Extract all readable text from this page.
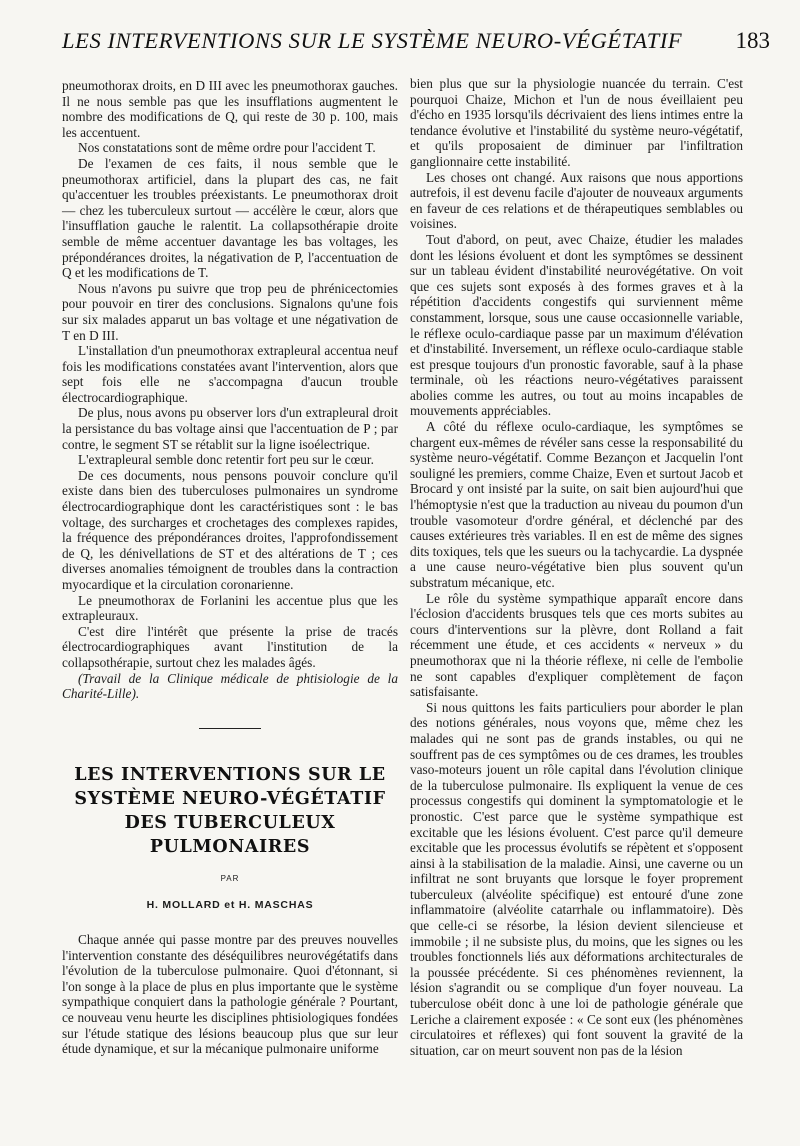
LES INTERVENTIONS SUR LE SYSTÈME NEURO-VÉGÉTATIF 183

pneumothorax droits, en D III avec les pneumothorax gauches. Il ne nous semble pas que les insufflations augmentent le nombre des modifications de Q, qui reste de 30 p. 100, mais les accentuent.

Nos constatations sont de même ordre pour l'accident T.

De l'examen de ces faits, il nous semble que le pneumothorax artificiel, dans la plupart des cas, ne fait qu'accentuer les troubles préexistants. Le pneumothorax droit — chez les tuberculeux surtout — accélère le cœur, alors que l'insufflation gauche le ralentit. La collapsothérapie droite semble de même accentuer davantage les bas voltages, les prépondérances droites, la négativation de P, l'accentuation de Q et les modifications de T.

Nous n'avons pu suivre que trop peu de phrénicectomies pour pouvoir en tirer des conclusions. Signalons qu'une fois sur six malades apparut un bas voltage et une négativation de T en D III.

L'installation d'un pneumothorax extrapleural accentua neuf fois les modifications constatées avant l'intervention, alors que sept fois elle ne s'accompagna d'aucun trouble électrocardiographique.

De plus, nous avons pu observer lors d'un extrapleural droit la persistance du bas voltage ainsi que l'accentuation de P ; par contre, le segment ST se rétablit sur la ligne isoélectrique.

L'extrapleural semble donc retentir fort peu sur le cœur.

De ces documents, nous pensons pouvoir conclure qu'il existe dans bien des tuberculoses pulmonaires un syndrome électrocardiographique dont les caractéristiques sont : le bas voltage, des surcharges et crochetages des complexes rapides, la fréquence des prépondérances droites, l'approfondissement de Q, les dénivellations de ST et des altérations de T ; ces diverses anomalies témoignent de troubles dans la contraction myocardique et la circulation coronarienne.

Le pneumothorax de Forlanini les accentue plus que les extrapleuraux.

C'est dire l'intérêt que présente la prise de tracés électrocardiographiques avant l'institution de la collapsothérapie, surtout chez les malades âgés.

(Travail de la Clinique médicale de phtisiologie de la Charité-Lille).

LES INTERVENTIONS SUR LE SYSTÈME NEURO-VÉGÉTATIF DES TUBERCULEUX PULMONAIRES
PAR
H. MOLLARD et H. MASCHAS

Chaque année qui passe montre par des preuves nouvelles l'intervention constante des déséquilibres neurovégétatifs dans l'évolution de la tuberculose pulmonaire. Quoi d'étonnant, si l'on songe à la place de plus en plus importante que le système sympathique conquiert dans la pathologie générale ? Pourtant, ce nouveau venu heurte les disciplines phtisiologiques fondées sur l'étude statique des lésions beaucoup plus que sur leur étude dynamique, et sur la mécanique pulmonaire uniforme

bien plus que sur la physiologie nuancée du terrain. C'est pourquoi Chaize, Michon et l'un de nous éveillaient peu d'écho en 1935 lorsqu'ils décrivaient des liens intimes entre la tendance évolutive et l'instabilité du système neuro-végétatif, et qu'ils proposaient de diminuer par l'infiltration ganglionnaire cette instabilité.

Les choses ont changé. Aux raisons que nous apportions autrefois, il est devenu facile d'ajouter de nouveaux arguments en faveur de ces relations et de thérapeutiques semblables ou voisines.

Tout d'abord, on peut, avec Chaize, étudier les malades dont les lésions évoluent et dont les symptômes se dessinent sur un tableau évident d'instabilité neurovégétative. On voit que ces sujets sont exposés à des formes graves et à la répétition d'accidents congestifs qui surviennent même constamment, lorsque, sous une cause occasionnelle variable, le réflexe oculo-cardiaque passe par un maximum d'élévation et d'instabilité. Inversement, un réflexe oculo-cardiaque stable est presque toujours d'un pronostic favorable, sauf à la phase terminale, où les réactions neuro-végétatives paraissent abolies comme les autres, ou tout au moins incapables de mouvements appréciables.

A côté du réflexe oculo-cardiaque, les symptômes se chargent eux-mêmes de révéler sans cesse la responsabilité du système neuro-végétatif. Comme Bezançon et Jacquelin l'ont souligné les premiers, comme Chaize, Even et surtout Jacob et Brocard y ont insisté par la suite, on sait bien aujourd'hui que l'hémoptysie n'est que la traduction au niveau du poumon d'un trouble vasomoteur d'ordre général, et déclenché par des causes extérieures très variables. Il en est de même des signes dits toxiques, tels que les sueurs ou la tachycardie. La dyspnée a une cause neuro-végétative bien plus souvent qu'un substratum mécanique, etc.

Le rôle du système sympathique apparaît encore dans l'éclosion d'accidents brusques tels que ces morts subites au cours d'interventions sur la plèvre, dont Rolland a fait récemment une étude, et ces accidents « nerveux » du pneumothorax que ni la théorie réflexe, ni celle de l'embolie ne sont capables d'expliquer complètement de façon satisfaisante.

Si nous quittons les faits particuliers pour aborder le plan des notions générales, nous voyons que, même chez les malades qui ne sont pas de grands instables, ou qui ne souffrent pas de ces symptômes ou de ces drames, les troubles vaso-moteurs jouent un rôle capital dans l'évolution clinique de la tuberculose pulmonaire. Ils expliquent la venue de ces processus congestifs qui dominent la symptomatologie et le pronostic. C'est parce que le système sympathique est excitable que les lésions évoluent. C'est parce qu'il demeure excitable que les processus évolutifs se répètent et s'opposent ainsi à la stabilisation de la maladie. Ainsi, une caverne ou un infiltrat ne sont bruyants que lorsque le foyer proprement tuberculeux (alvéolite spécifique) est entouré d'une zone inflammatoire (alvéolite catarrhale ou inflammatoire). Dès que celle-ci se résorbe, la lésion devient silencieuse et immobile ; il ne subsiste plus, du moins, que les signes ou les troubles fonctionnels liés aux déformations architecturales de la poussée précédente. Si ces phénomènes reviennent, la lésion s'agrandit ou se complique d'un foyer nouveau. La tuberculose obéit donc à une loi de pathologie générale que Leriche a clairement exposée : « Ce sont eux (les phénomènes circulatoires et réflexes) qui font souvent la gravité de la situation, car on meurt souvent non pas de la lésion
